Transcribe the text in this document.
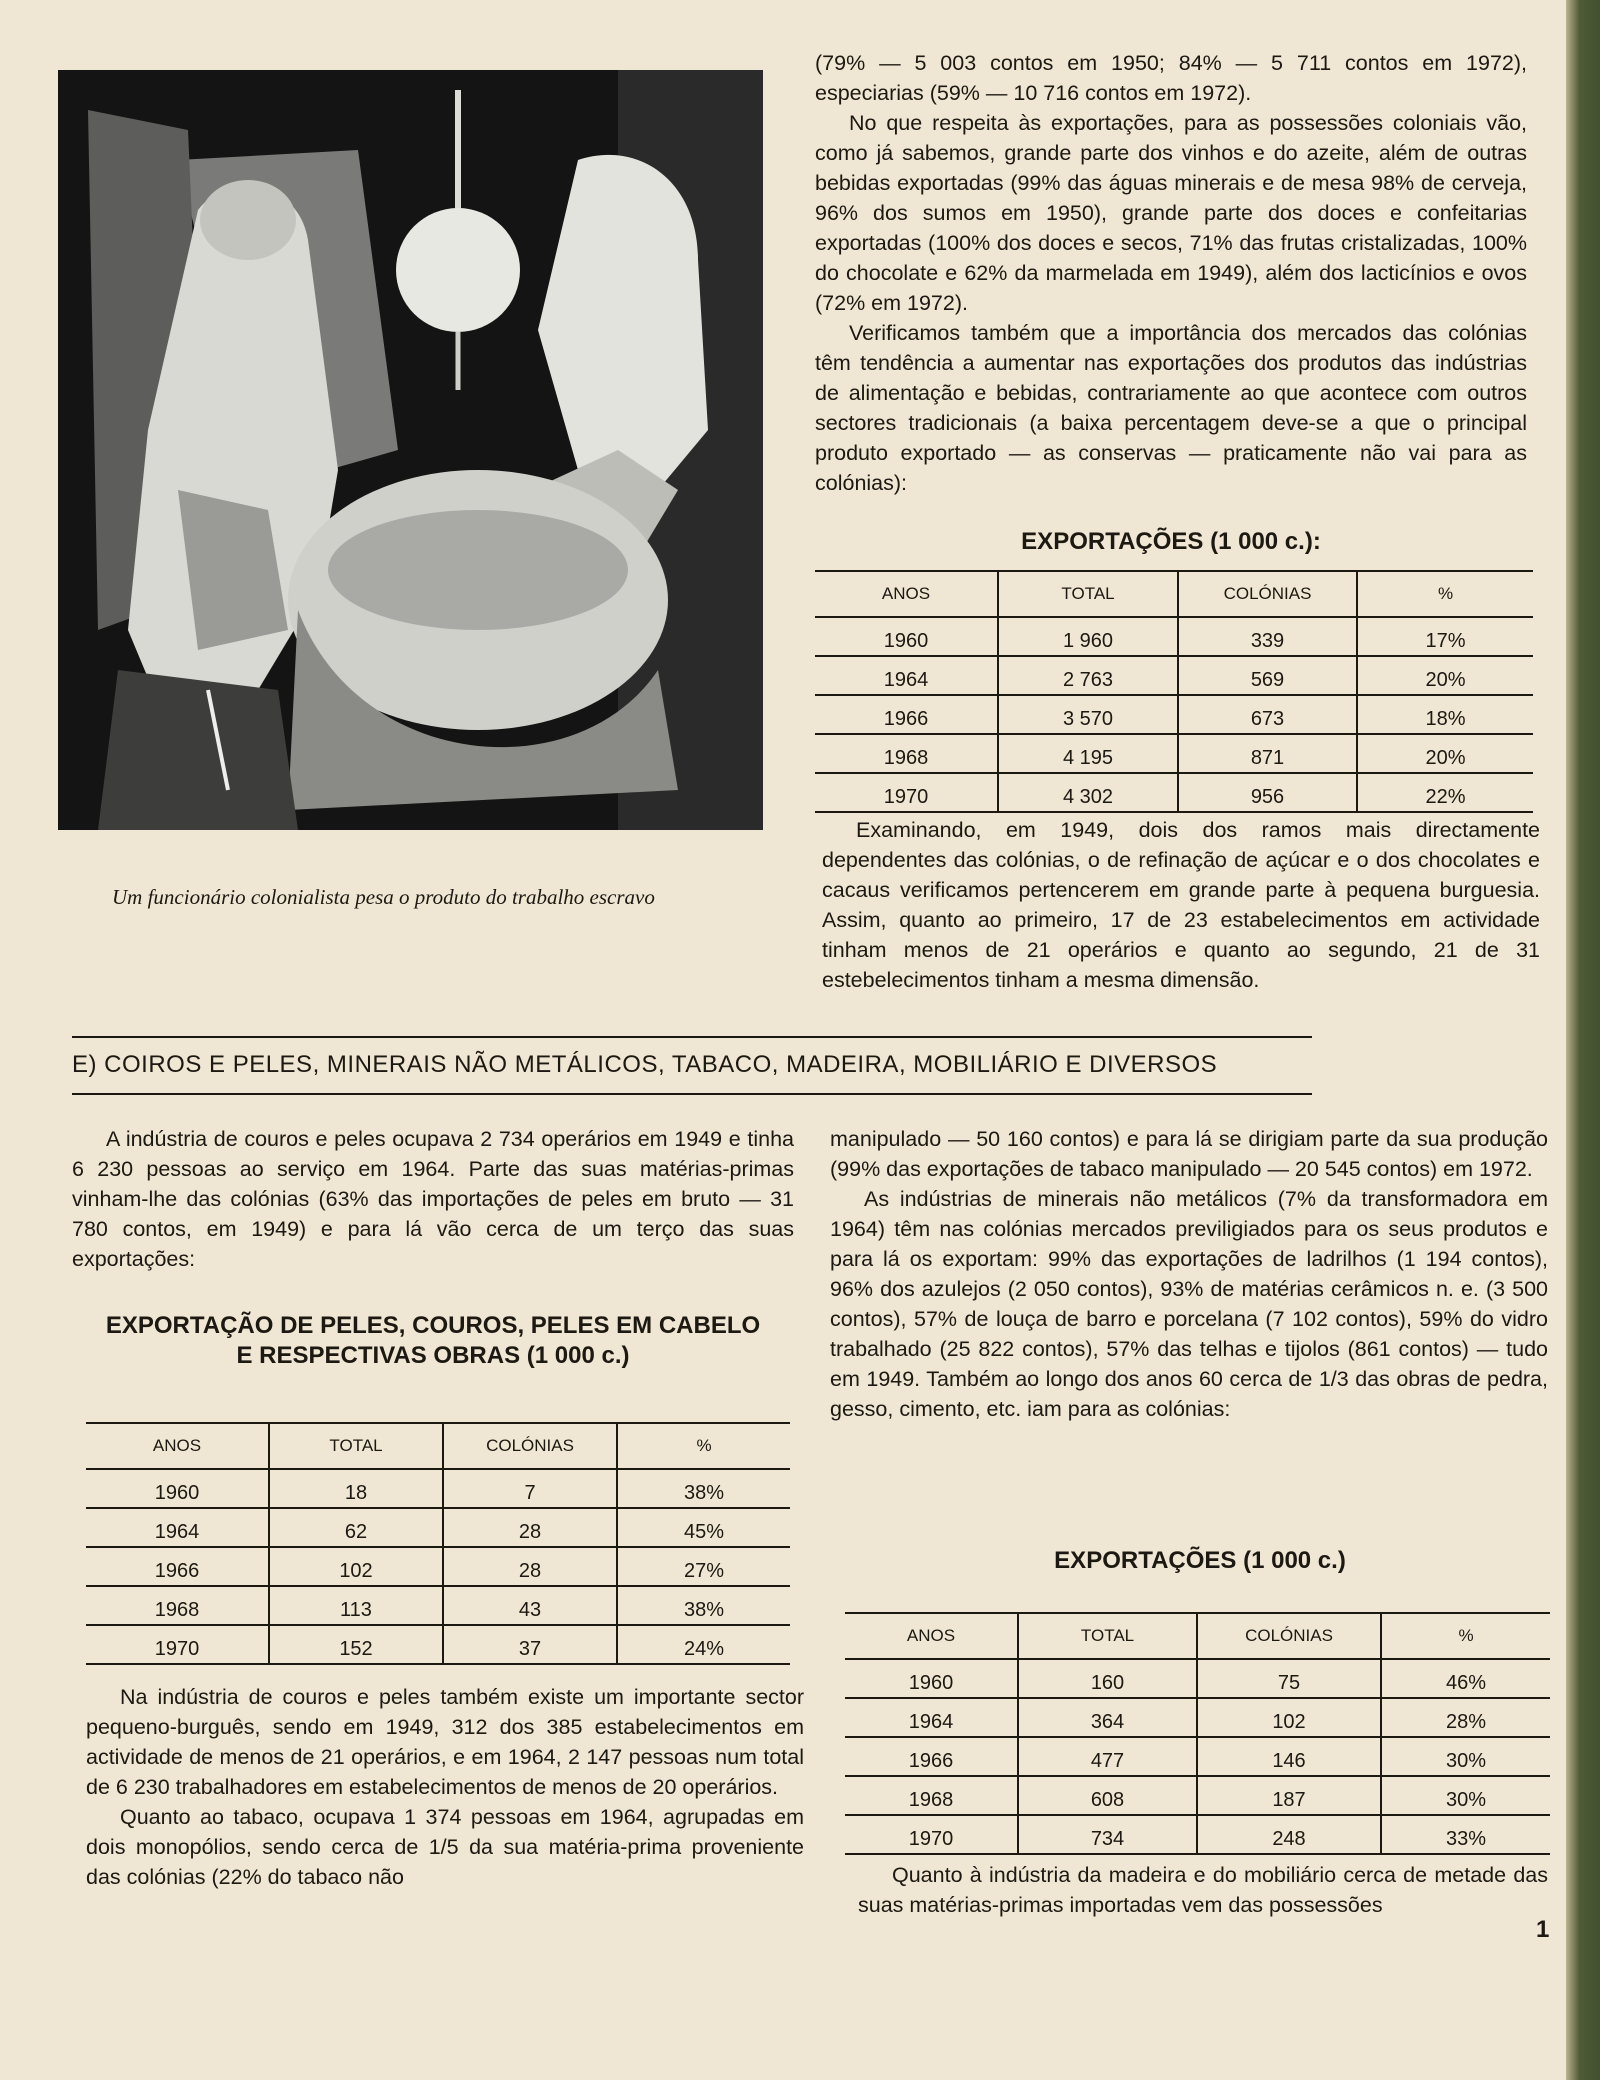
Um funcionário colonialista pesa o produto do trabalho escravo

(79% — 5 003 contos em 1950; 84% — 5 711 contos em 1972), especiarias (59% — 10 716 contos em 1972).

No que respeita às exportações, para as possessões coloniais vão, como já sabemos, grande parte dos vinhos e do azeite, além de outras bebidas exportadas (99% das águas minerais e de mesa 98% de cerveja, 96% dos sumos em 1950), grande parte dos doces e confeitarias exportadas (100% dos doces e secos, 71% das frutas cristalizadas, 100% do chocolate e 62% da marmelada em 1949), além dos lacticínios e ovos (72% em 1972).

Verificamos também que a importância dos mercados das colónias têm tendência a aumentar nas exportações dos produtos das indústrias de alimentação e bebidas, contrariamente ao que acontece com outros sectores tradicionais (a baixa percentagem deve-se a que o principal produto exportado — as conservas — praticamente não vai para as colónias):

EXPORTAÇÕES (1 000 c.):
ANOS	TOTAL	COLÓNIAS	%
1960	1 960	339	17%
1964	2 763	569	20%
1966	3 570	673	18%
1968	4 195	871	20%
1970	4 302	956	22%

Examinando, em 1949, dois dos ramos mais directamente dependentes das colónias, o de refinação de açúcar e o dos chocolates e cacaus verificamos pertencerem em grande parte à pequena burguesia. Assim, quanto ao primeiro, 17 de 23 estabelecimentos em actividade tinham menos de 21 operários e quanto ao segundo, 21 de 31 estebelecimentos tinham a mesma dimensão.

E) COIROS E PELES, MINERAIS NÃO METÁLICOS, TABACO, MADEIRA, MOBILIÁRIO E DIVERSOS

A indústria de couros e peles ocupava 2 734 operários em 1949 e tinha 6 230 pessoas ao serviço em 1964. Parte das suas matérias-primas vinham-lhe das colónias (63% das importações de peles em bruto — 31 780 contos, em 1949) e para lá vão cerca de um terço das suas exportações:

EXPORTAÇÃO DE PELES, COUROS, PELES EM CABELO
E RESPECTIVAS OBRAS (1 000 c.)
ANOS	TOTAL	COLÓNIAS	%
1960	18	7	38%
1964	62	28	45%
1966	102	28	27%
1968	113	43	38%
1970	152	37	24%

Na indústria de couros e peles também existe um importante sector pequeno-burguês, sendo em 1949, 312 dos 385 estabelecimentos em actividade de menos de 21 operários, e em 1964, 2 147 pessoas num total de 6 230 trabalhadores em estabelecimentos de menos de 20 operários.

Quanto ao tabaco, ocupava 1 374 pessoas em 1964, agrupadas em dois monopólios, sendo cerca de 1/5 da sua matéria-prima proveniente das colónias (22% do tabaco não

manipulado — 50 160 contos) e para lá se dirigiam parte da sua produção (99% das exportações de tabaco manipulado — 20 545 contos) em 1972.

As indústrias de minerais não metálicos (7% da transformadora em 1964) têm nas colónias mercados previligiados para os seus produtos e para lá os exportam: 99% das exportações de ladrilhos (1 194 contos), 96% dos azulejos (2 050 contos), 93% de matérias cerâmicos n. e. (3 500 contos), 57% de louça de barro e porcelana (7 102 contos), 59% do vidro trabalhado (25 822 contos), 57% das telhas e tijolos (861 contos) — tudo em 1949. Também ao longo dos anos 60 cerca de 1/3 das obras de pedra, gesso, cimento, etc. iam para as colónias:

EXPORTAÇÕES (1 000 c.)
ANOS	TOTAL	COLÓNIAS	%
1960	160	75	46%
1964	364	102	28%
1966	477	146	30%
1968	608	187	30%
1970	734	248	33%

Quanto à indústria da madeira e do mobiliário cerca de metade das suas matérias-primas importadas vem das possessões

1
